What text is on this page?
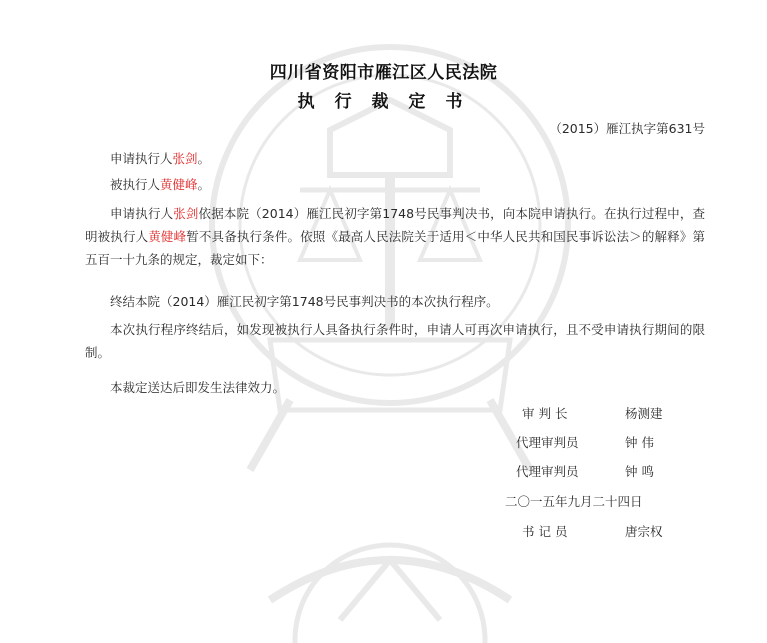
四川省资阳市雁江区人民法院
执 行 裁 定 书
（2015）雁江执字第631号

申请执行人张剑。

被执行人黄健峰。

申请执行人张剑依据本院（2014）雁江民初字第1748号民事判决书，向本院申请执行。在执行过程中，查明被执行人黄健峰暂不具备执行条件。依照《最高人民法院关于适用＜中华人民共和国民事诉讼法＞的解释》第五百一十九条的规定，裁定如下：

终结本院（2014）雁江民初字第1748号民事判决书的本次执行程序。

本次执行程序终结后，如发现被执行人具备执行条件时，申请人可再次申请执行，且不受申请执行期间的限制。

本裁定送达后即发生法律效力。

审 判 长	杨测建
代理审判员	钟 伟
代理审判员	钟 鸣
二〇一五年九月二十四日
书 记 员	唐宗权
